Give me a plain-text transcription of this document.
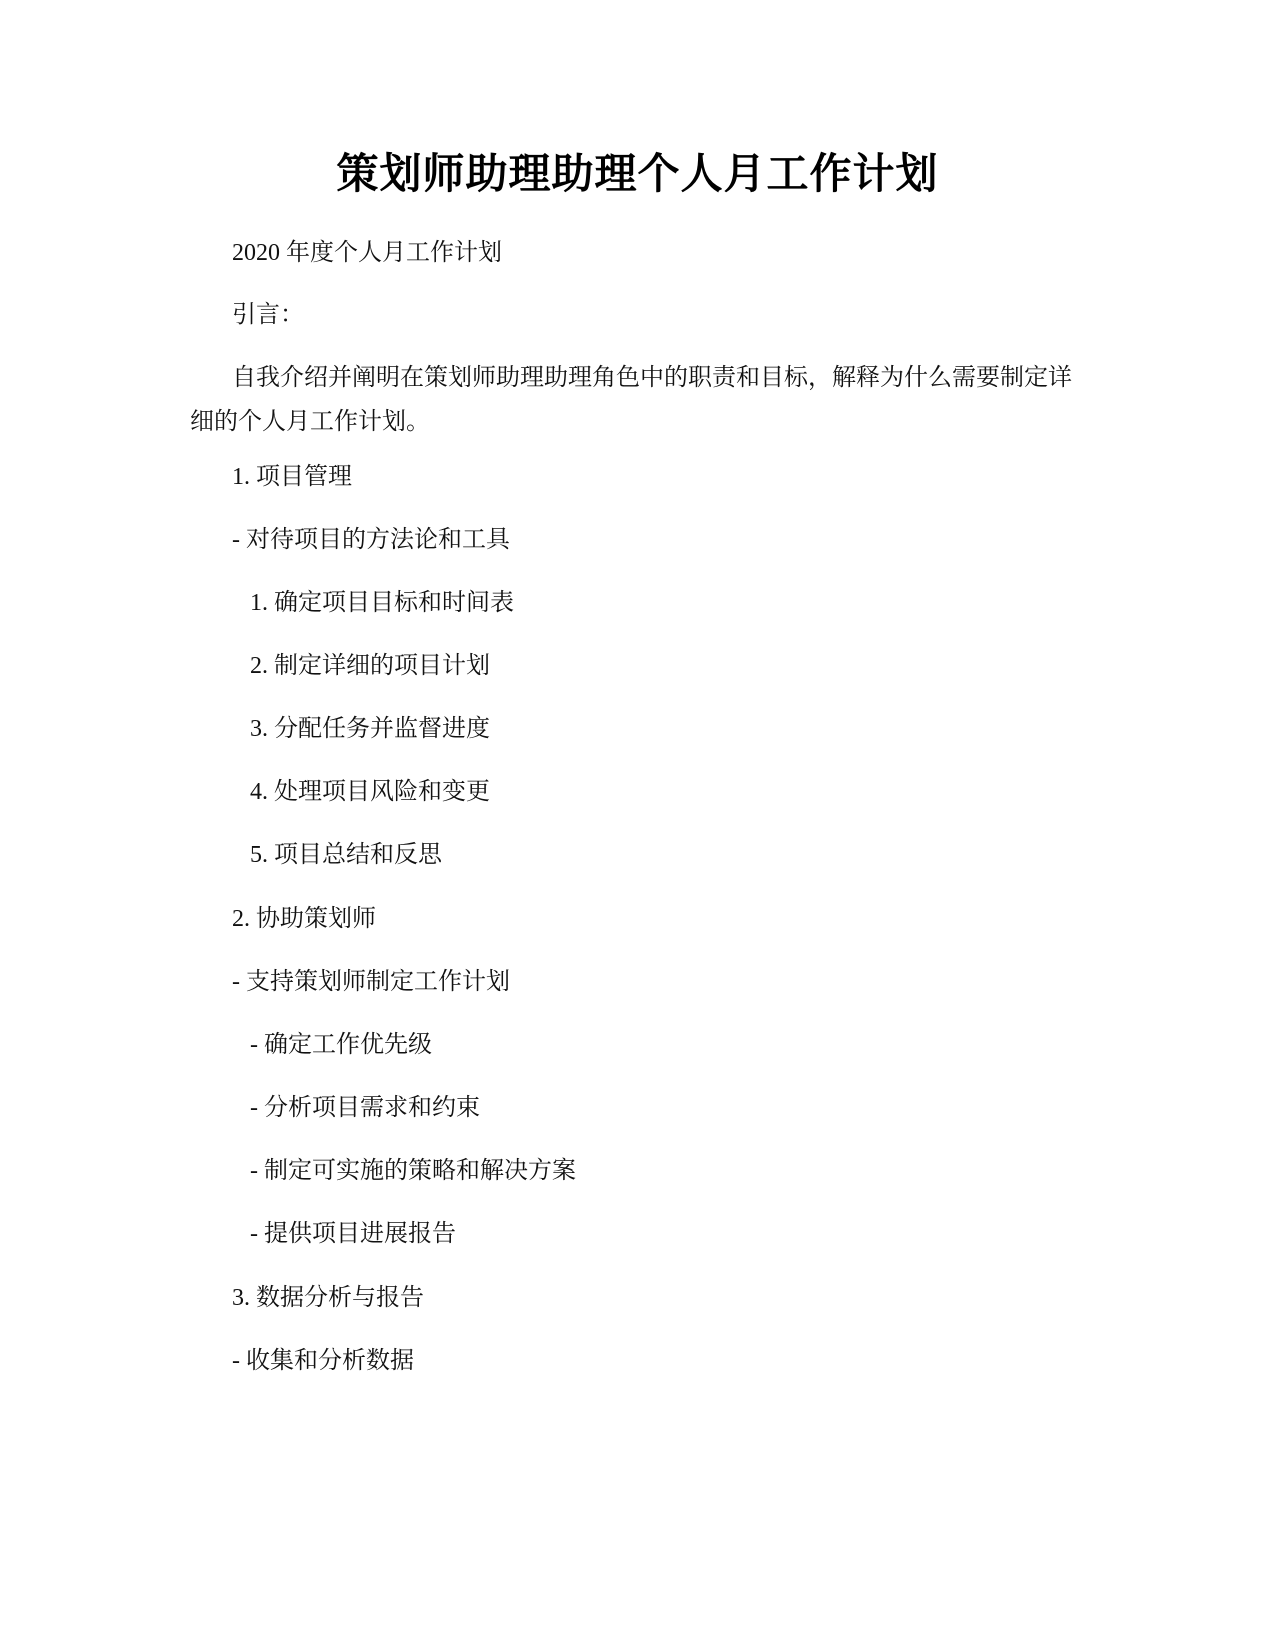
策划师助理助理个人月工作计划
2020 年度个人月工作计划
引言：
自我介绍并阐明在策划师助理助理角色中的职责和目标，解释为什么需要制定详细的个人月工作计划。
1. 项目管理
- 对待项目的方法论和工具
1. 确定项目目标和时间表
2. 制定详细的项目计划
3. 分配任务并监督进度
4. 处理项目风险和变更
5. 项目总结和反思
2. 协助策划师
- 支持策划师制定工作计划
- 确定工作优先级
- 分析项目需求和约束
- 制定可实施的策略和解决方案
- 提供项目进展报告
3. 数据分析与报告
- 收集和分析数据
